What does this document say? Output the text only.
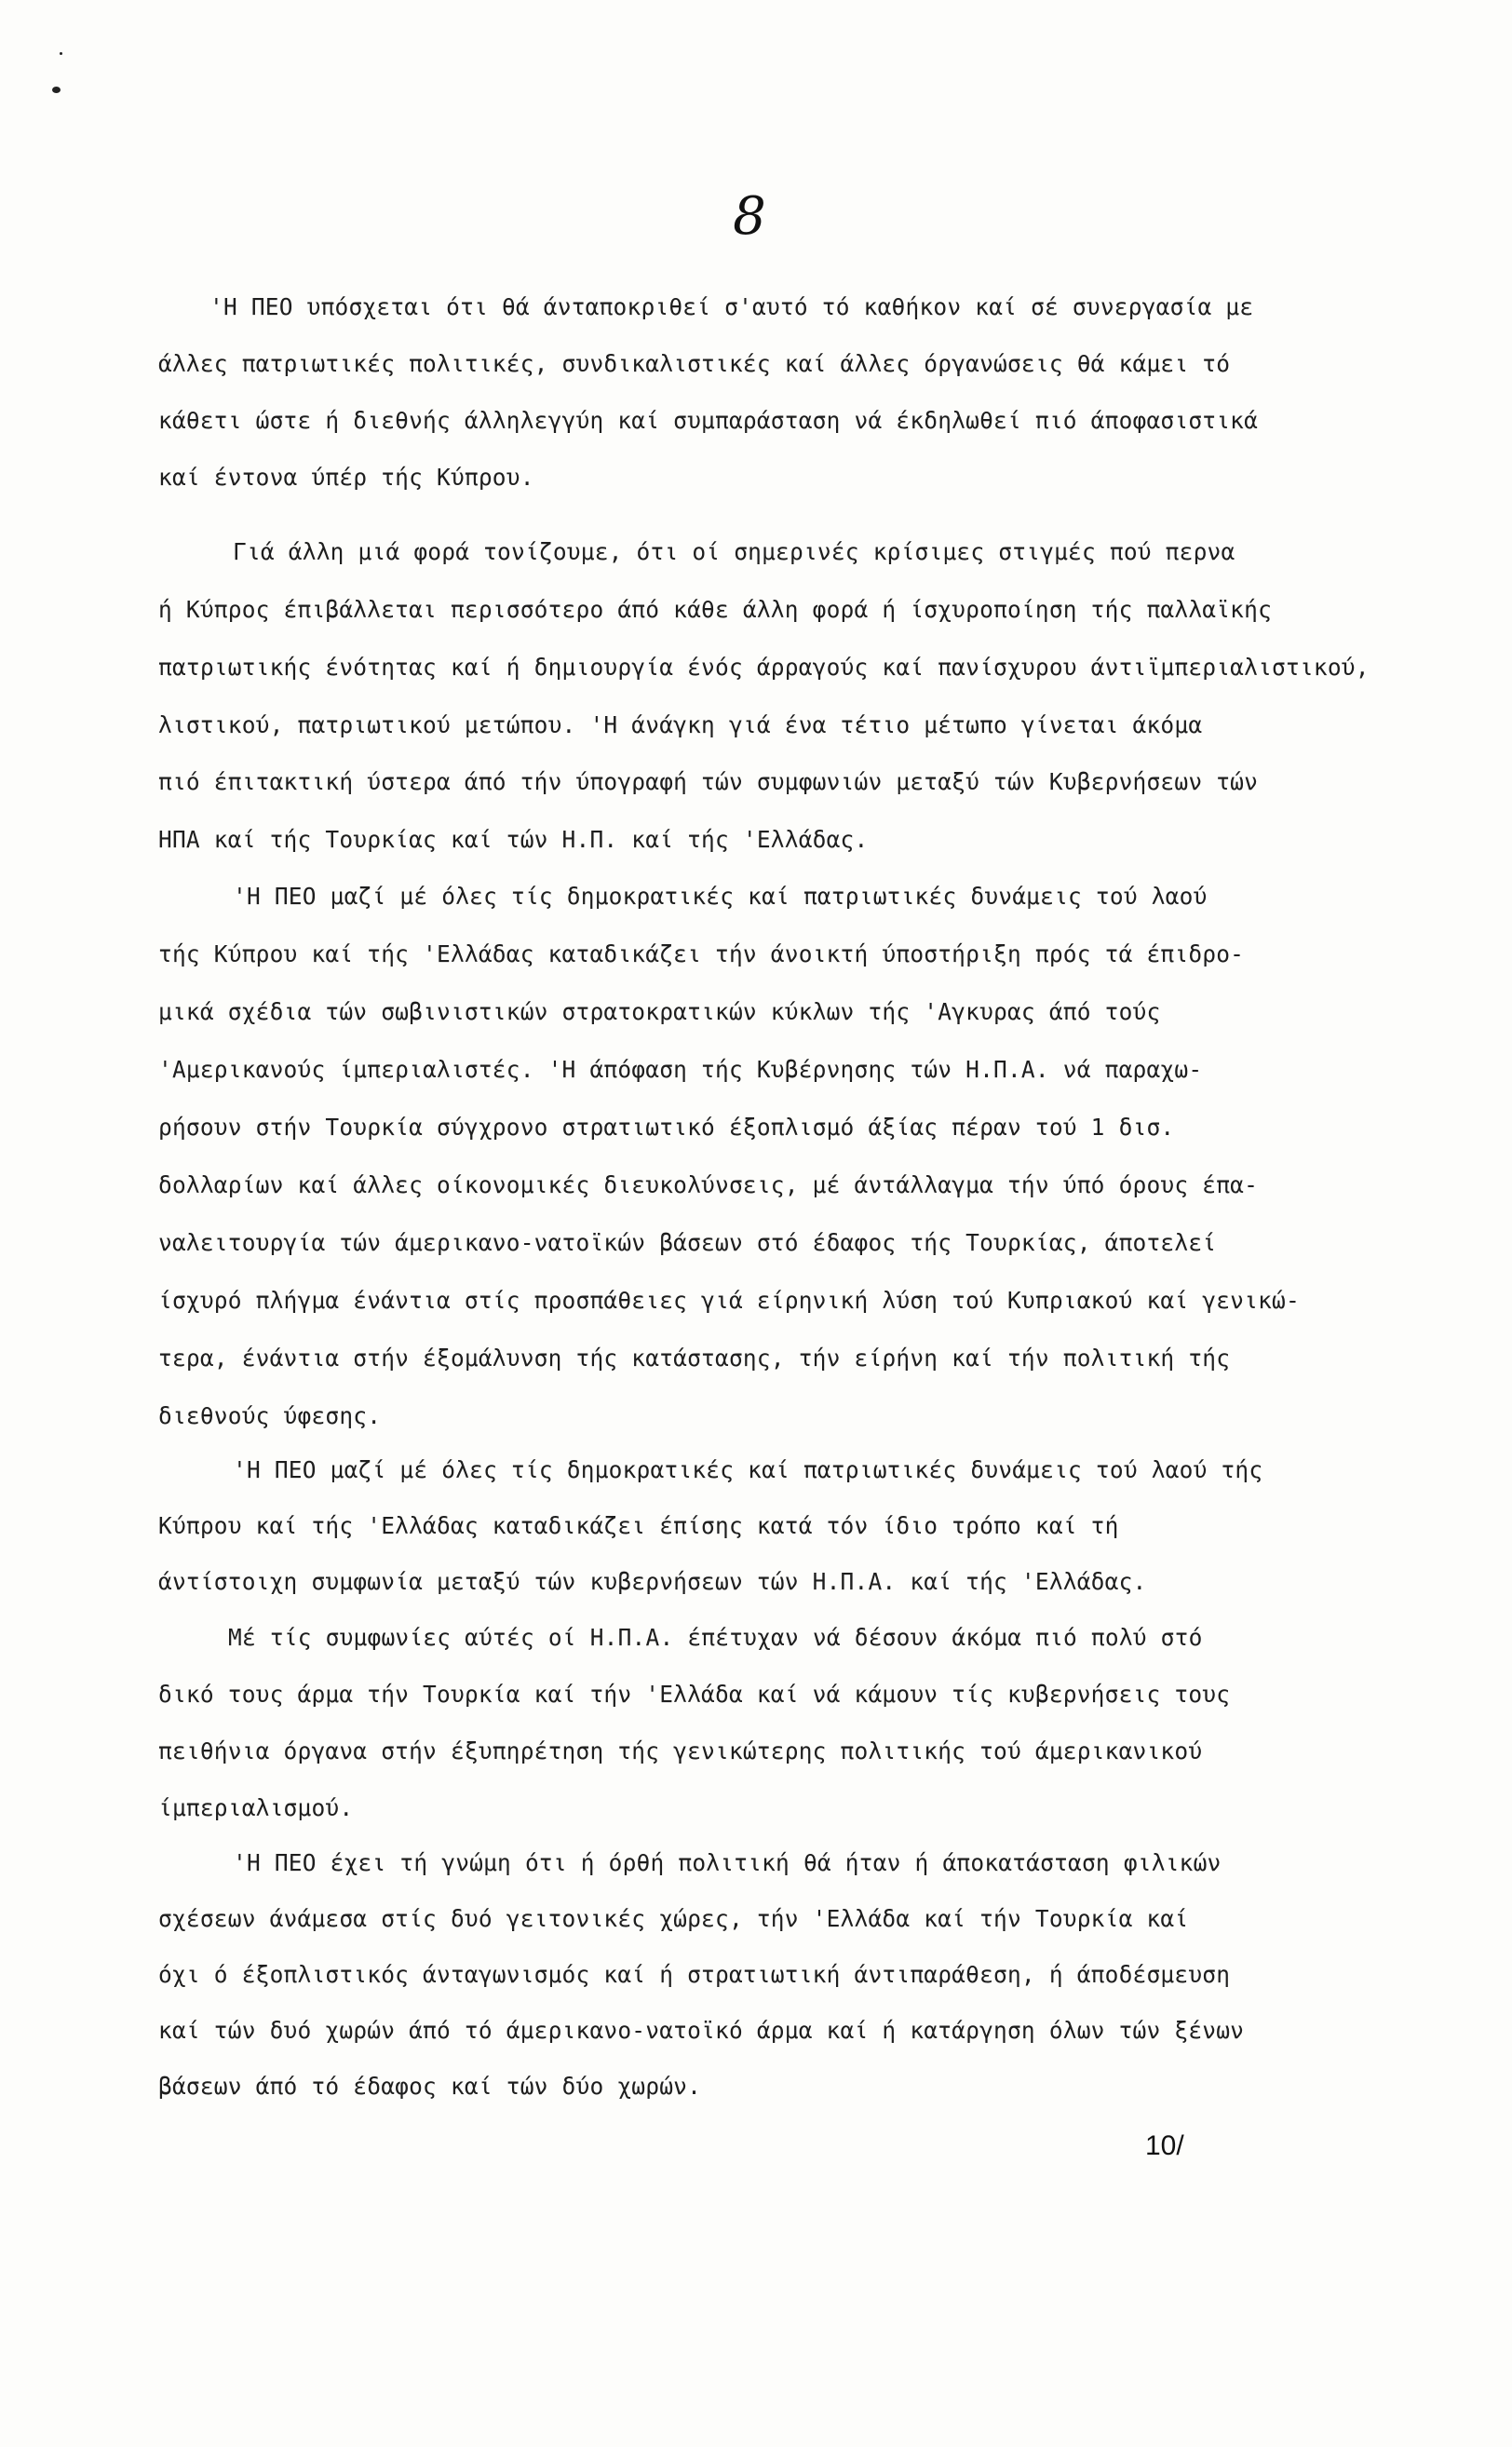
8
'Η ΠΕΟ υπόσχεται ότι θά άνταποκριθεί σ'αυτό τό καθήκον καί σέ συνεργασία με
άλλες πατριωτικές πολιτικές, συνδικαλιστικές καί άλλες όργανώσεις θά κάμει τό
κάθετι ώστε ή διεθνής άλληλεγγύη καί συμπαράσταση νά έκδηλωθεί πιό άποφασιστικά
καί έντονα ύπέρ τής Κύπρου.
Γιά άλλη μιά φορά τονίζουμε, ότι οί σημερινές κρίσιμες στιγμές πού περνα
ή Κύπρος έπιβάλλεται περισσότερο άπό κάθε άλλη φορά ή ίσχυροποίηση τής παλλαϊκής
πατριωτικής ένότητας καί ή δημιουργία ένός άρραγούς καί πανίσχυρου άντιϊμπεριαλιστικού,
λιστικού, πατριωτικού μετώπου. 'Η άνάγκη γιά ένα τέτιο μέτωπο γίνεται άκόμα
πιό έπιτακτική ύστερα άπό τήν ύπογραφή τών συμφωνιών μεταξύ τών Κυβερνήσεων τών
ΗΠΑ καί τής Τουρκίας καί τών Η.Π. καί τής 'Ελλάδας.
'Η ΠΕΟ μαζί μέ όλες τίς δημοκρατικές καί πατριωτικές δυνάμεις τού λαού
τής Κύπρου καί τής 'Ελλάδας καταδικάζει τήν άνοικτή ύποστήριξη πρός τά έπιδρο-
μικά σχέδια τών σωβινιστικών στρατοκρατικών κύκλων τής 'Αγκυρας άπό τούς
'Αμερικανούς ίμπεριαλιστές. 'Η άπόφαση τής Κυβέρνησης τών Η.Π.Α. νά παραχω-
ρήσουν στήν Τουρκία σύγχρονο στρατιωτικό έξοπλισμό άξίας πέραν τού 1 δισ.
δολλαρίων καί άλλες οίκονομικές διευκολύνσεις, μέ άντάλλαγμα τήν ύπό όρους έπα-
ναλειτουργία τών άμερικανο-νατοϊκών βάσεων στό έδαφος τής Τουρκίας, άποτελεί
ίσχυρό πλήγμα ένάντια στίς προσπάθειες γιά είρηνική λύση τού Κυπριακού καί γενικώ-
τερα, ένάντια στήν έξομάλυνση τής κατάστασης, τήν είρήνη καί τήν πολιτική τής
διεθνούς ύφεσης.
'Η ΠΕΟ μαζί μέ όλες τίς δημοκρατικές καί πατριωτικές δυνάμεις τού λαού τής
Κύπρου καί τής 'Ελλάδας καταδικάζει έπίσης κατά τόν ίδιο τρόπο καί τή
άντίστοιχη συμφωνία μεταξύ τών κυβερνήσεων τών Η.Π.Α. καί τής 'Ελλάδας.
Μέ τίς συμφωνίες αύτές οί Η.Π.Α. έπέτυχαν νά δέσουν άκόμα πιό πολύ στό
δικό τους άρμα τήν Τουρκία καί τήν 'Ελλάδα καί νά κάμουν τίς κυβερνήσεις τους
πειθήνια όργανα στήν έξυπηρέτηση τής γενικώτερης πολιτικής τού άμερικανικού
ίμπεριαλισμού.
'Η ΠΕΟ έχει τή γνώμη ότι ή όρθή πολιτική θά ήταν ή άποκατάσταση φιλικών
σχέσεων άνάμεσα στίς δυό γειτονικές χώρες, τήν 'Ελλάδα καί τήν Τουρκία καί
όχι ό έξοπλιστικός άνταγωνισμός καί ή στρατιωτική άντιπαράθεση, ή άποδέσμευση
καί τών δυό χωρών άπό τό άμερικανο-νατοϊκό άρμα καί ή κατάργηση όλων τών ξένων
βάσεων άπό τό έδαφος καί τών δύο χωρών.
10/
